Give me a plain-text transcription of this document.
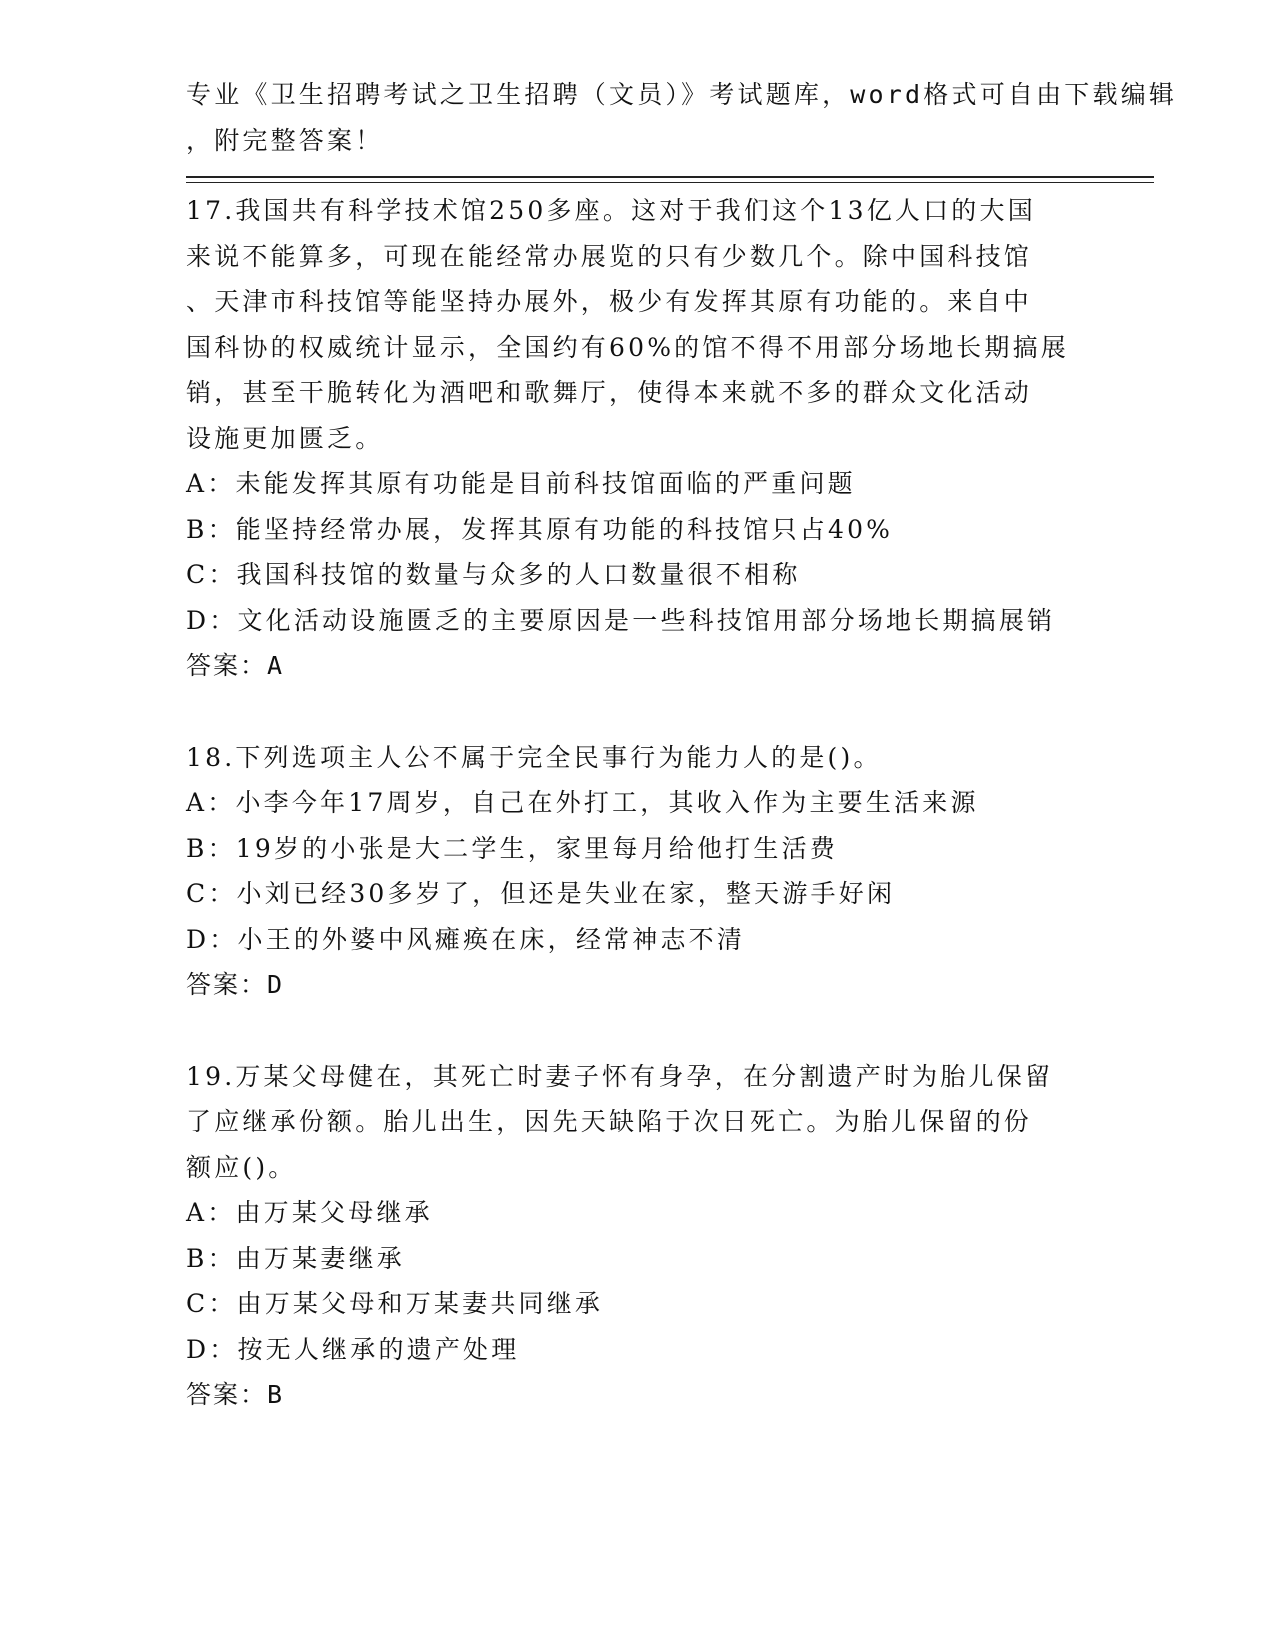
专业《卫生招聘考试之卫生招聘（文员）》考试题库，word格式可自由下载编辑
，附完整答案！
17.我国共有科学技术馆250多座。这对于我们这个13亿人口的大国
来说不能算多，可现在能经常办展览的只有少数几个。除中国科技馆
、天津市科技馆等能坚持办展外，极少有发挥其原有功能的。来自中
国科协的权威统计显示，全国约有60%的馆不得不用部分场地长期搞展
销，甚至干脆转化为酒吧和歌舞厅，使得本来就不多的群众文化活动
设施更加匮乏。
A：未能发挥其原有功能是目前科技馆面临的严重问题
B：能坚持经常办展，发挥其原有功能的科技馆只占40%
C：我国科技馆的数量与众多的人口数量很不相称
D：文化活动设施匮乏的主要原因是一些科技馆用部分场地长期搞展销
答案：A
18.下列选项主人公不属于完全民事行为能力人的是()。
A：小李今年17周岁，自己在外打工，其收入作为主要生活来源
B：19岁的小张是大二学生，家里每月给他打生活费
C：小刘已经30多岁了，但还是失业在家，整天游手好闲
D：小王的外婆中风瘫痪在床，经常神志不清
答案：D
19.万某父母健在，其死亡时妻子怀有身孕，在分割遗产时为胎儿保留
了应继承份额。胎儿出生，因先天缺陷于次日死亡。为胎儿保留的份
额应()。
A：由万某父母继承
B：由万某妻继承
C：由万某父母和万某妻共同继承
D：按无人继承的遗产处理
答案：B
